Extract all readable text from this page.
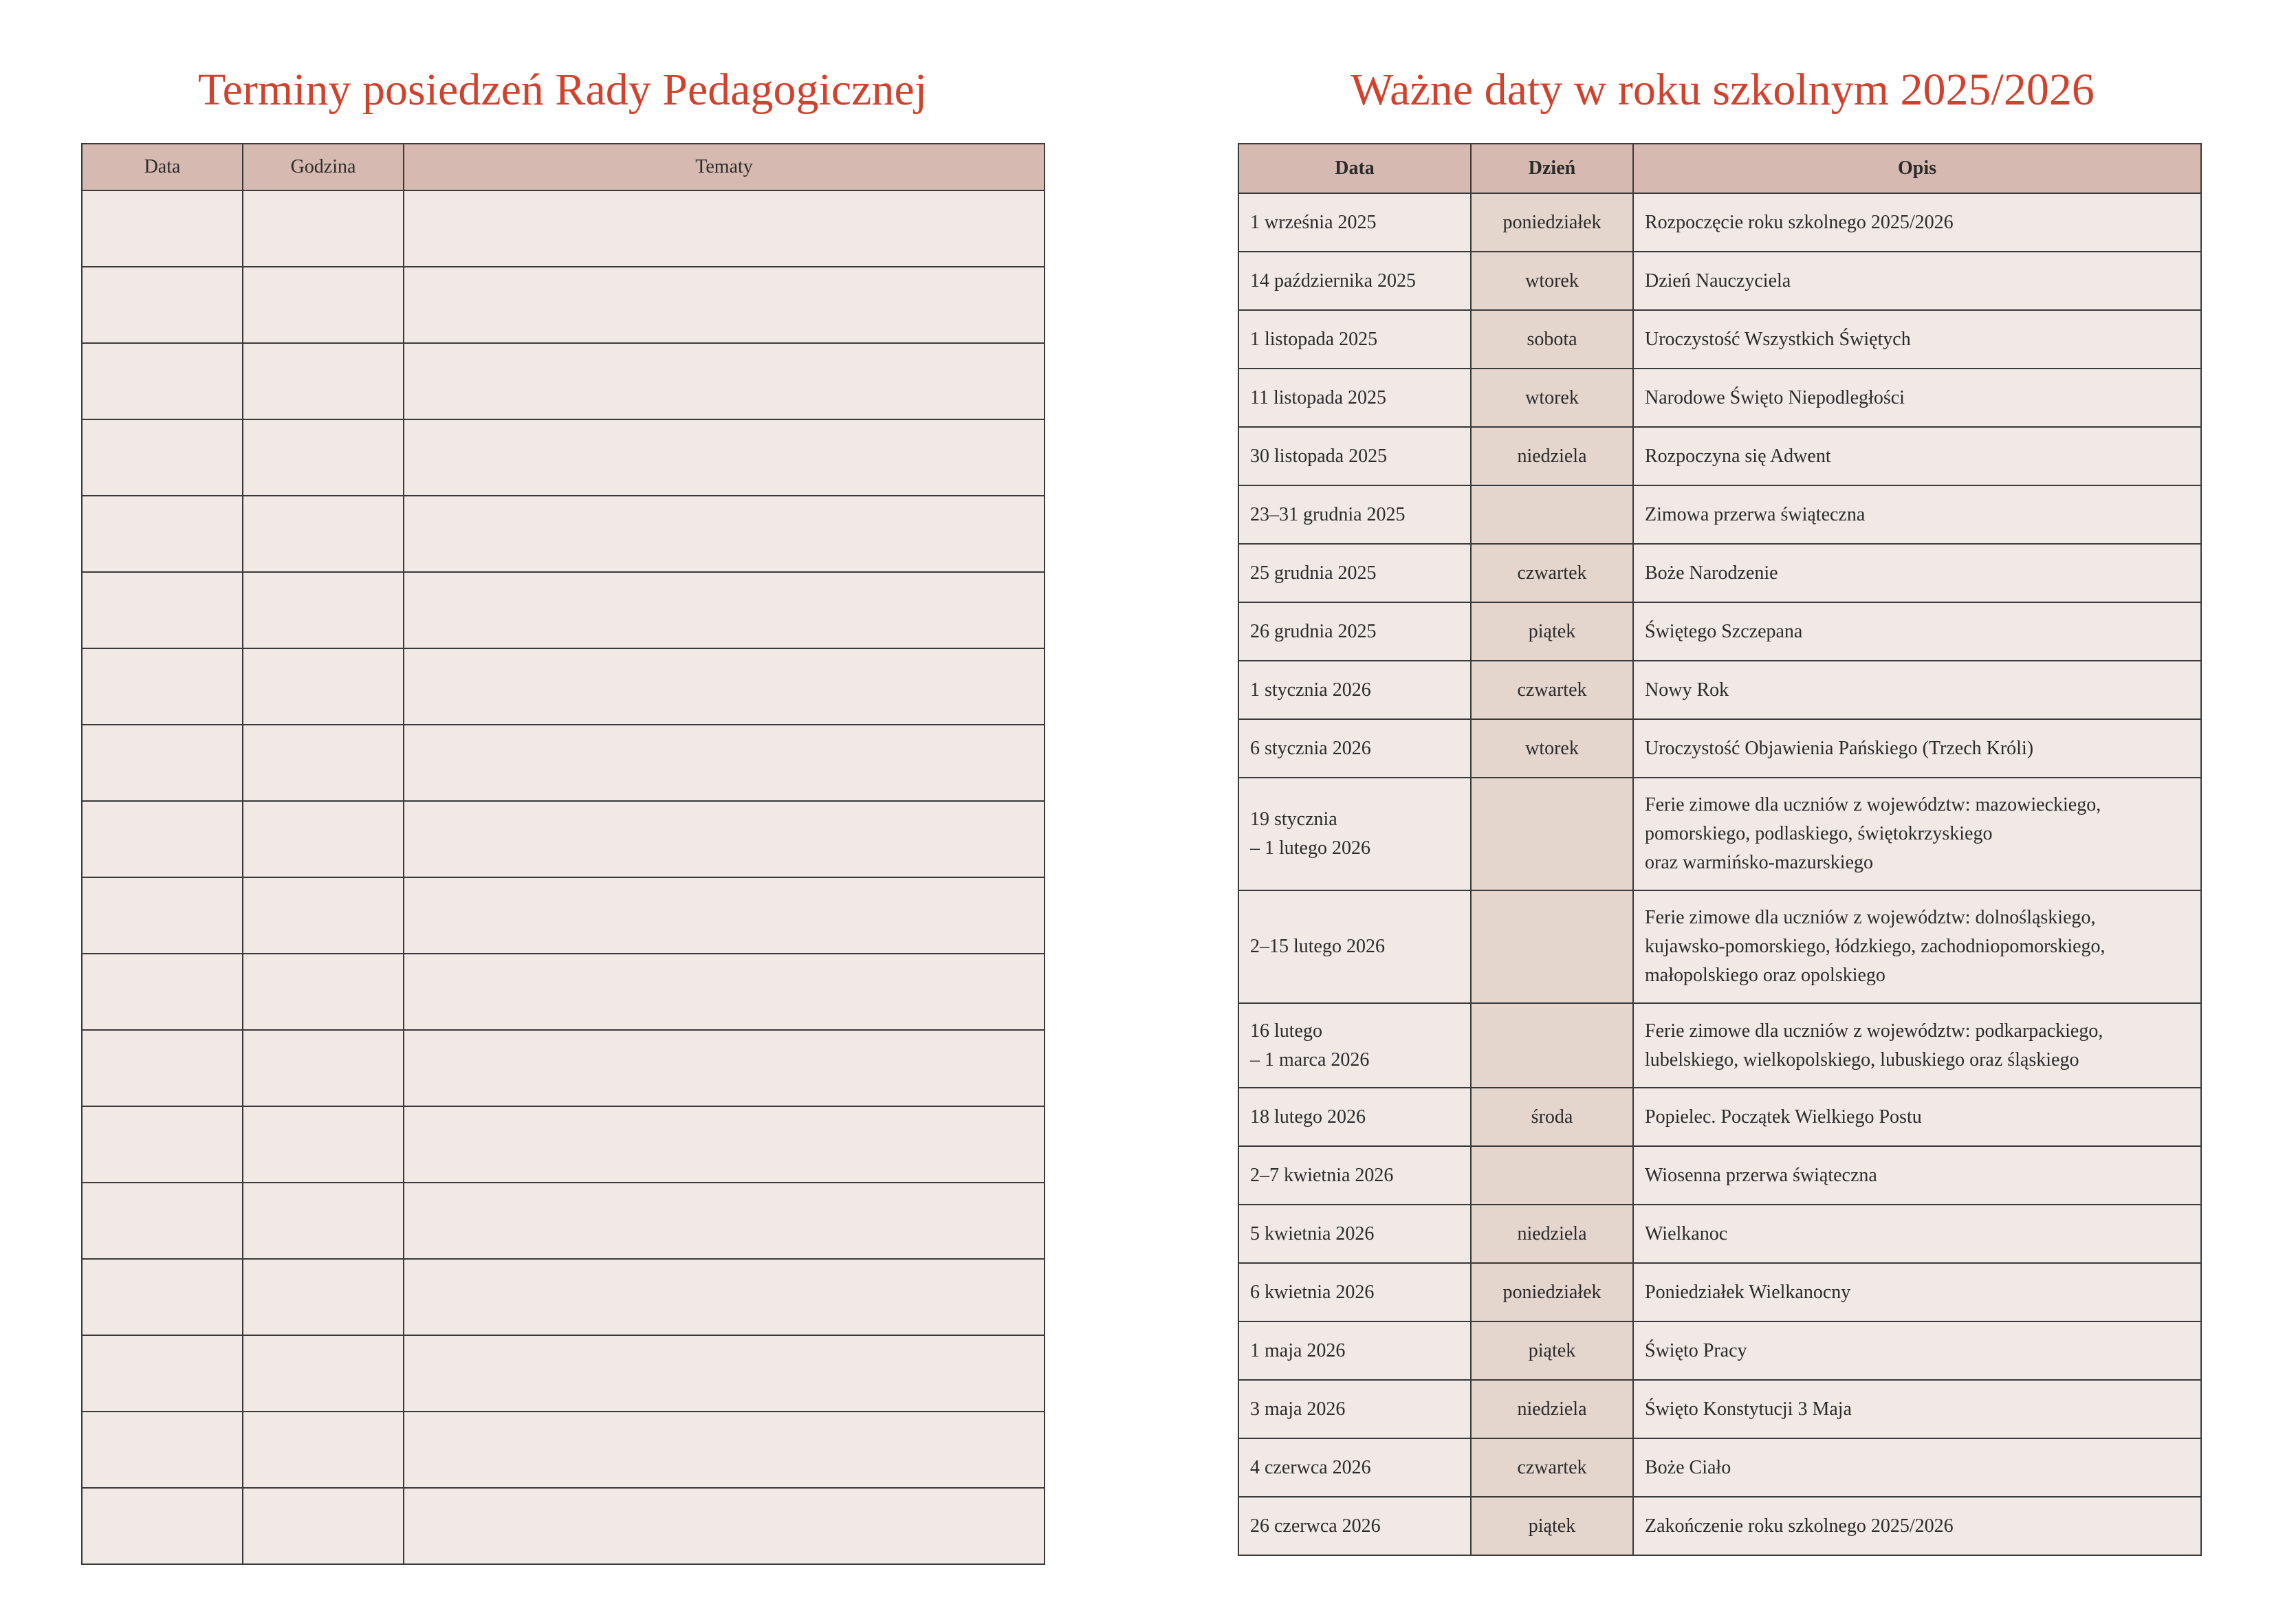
Terminy posiedzeń Rady Pedagogicznej
Data	Godzina	Tematy

Ważne daty w roku szkolnym 2025/2026
Data	Dzień	Opis
1 września 2025	poniedziałek	Rozpoczęcie roku szkolnego 2025/2026
14 października 2025	wtorek	Dzień Nauczyciela
1 listopada 2025	sobota	Uroczystość Wszystkich Świętych
11 listopada 2025	wtorek	Narodowe Święto Niepodległości
30 listopada 2025	niedziela	Rozpoczyna się Adwent
23–31 grudnia 2025		Zimowa przerwa świąteczna
25 grudnia 2025	czwartek	Boże Narodzenie
26 grudnia 2025	piątek	Świętego Szczepana
1 stycznia 2026	czwartek	Nowy Rok
6 stycznia 2026	wtorek	Uroczystość Objawienia Pańskiego (Trzech Króli)
19 stycznia
– 1 lutego 2026		Ferie zimowe dla uczniów z województw: mazowieckiego,
pomorskiego, podlaskiego, świętokrzyskiego
oraz warmińsko-mazurskiego
2–15 lutego 2026		Ferie zimowe dla uczniów z województw: dolnośląskiego,
kujawsko-pomorskiego, łódzkiego, zachodniopomorskiego,
małopolskiego oraz opolskiego
16 lutego
– 1 marca 2026		Ferie zimowe dla uczniów z województw: podkarpackiego,
lubelskiego, wielkopolskiego, lubuskiego oraz śląskiego
18 lutego 2026	środa	Popielec. Początek Wielkiego Postu
2–7 kwietnia 2026		Wiosenna przerwa świąteczna
5 kwietnia 2026	niedziela	Wielkanoc
6 kwietnia 2026	poniedziałek	Poniedziałek Wielkanocny
1 maja 2026	piątek	Święto Pracy
3 maja 2026	niedziela	Święto Konstytucji 3 Maja
4 czerwca 2026	czwartek	Boże Ciało
26 czerwca 2026	piątek	Zakończenie roku szkolnego 2025/2026
